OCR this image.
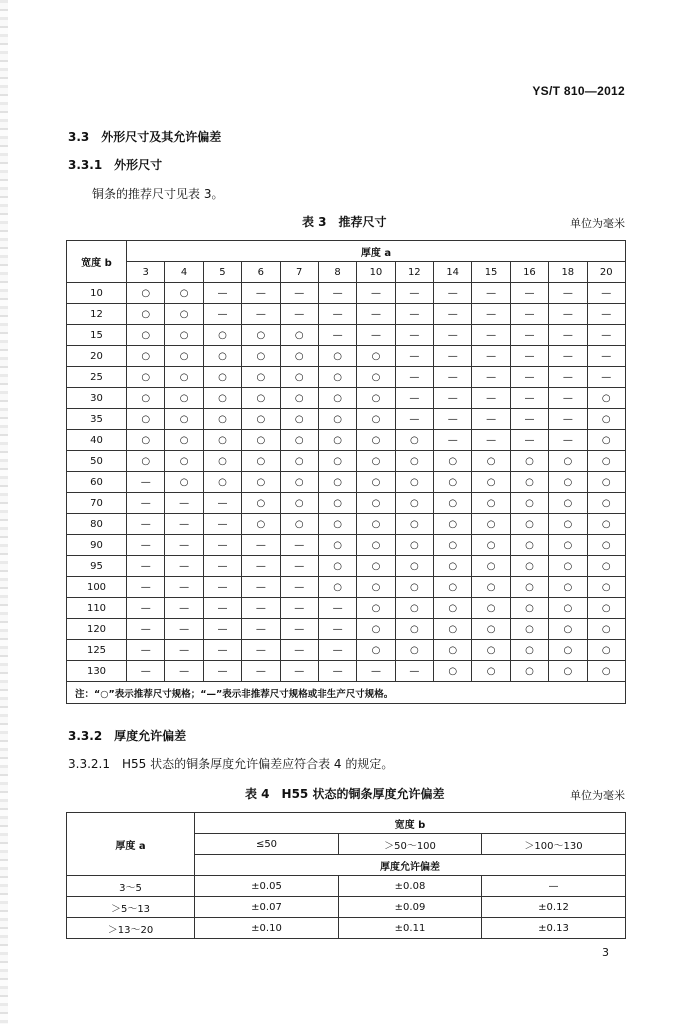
YS/T 810—2012
3.3　外形尺寸及其允许偏差
3.3.1　外形尺寸
铜条的推荐尺寸见表 3。
表 3　推荐尺寸	单位为毫米
宽度 b	厚度 a												
	3	4	5	6	7	8	10	12	14	15	16	18	20
10	○	○	—	—	—	—	—	—	—	—	—	—	—
12	○	○	—	—	—	—	—	—	—	—	—	—	—
15	○	○	○	○	○	—	—	—	—	—	—	—	—
20	○	○	○	○	○	○	○	—	—	—	—	—	—
25	○	○	○	○	○	○	○	—	—	—	—	—	—
30	○	○	○	○	○	○	○	—	—	—	—	—	○
35	○	○	○	○	○	○	○	—	—	—	—	—	○
40	○	○	○	○	○	○	○	○	—	—	—	—	○
50	○	○	○	○	○	○	○	○	○	○	○	○	○
60	—	○	○	○	○	○	○	○	○	○	○	○	○
70	—	—	—	○	○	○	○	○	○	○	○	○	○
80	—	—	—	○	○	○	○	○	○	○	○	○	○
90	—	—	—	—	—	○	○	○	○	○	○	○	○
95	—	—	—	—	—	○	○	○	○	○	○	○	○
100	—	—	—	—	—	○	○	○	○	○	○	○	○
110	—	—	—	—	—	—	○	○	○	○	○	○	○
120	—	—	—	—	—	—	○	○	○	○	○	○	○
125	—	—	—	—	—	—	○	○	○	○	○	○	○
130	—	—	—	—	—	—	—	—	○	○	○	○	○
注：“○”表示推荐尺寸规格；“—”表示非推荐尺寸规格或非生产尺寸规格。													
3.3.2　厚度允许偏差
3.3.2.1　H55 状态的铜条厚度允许偏差应符合表 4 的规定。
表 4　H55 状态的铜条厚度允许偏差	单位为毫米
厚度 a	宽度 b		
	≤50	＞50～100	＞100～130
	厚度允许偏差		
3～5	±0.05	±0.08	—
＞5～13	±0.07	±0.09	±0.12
＞13～20	±0.10	±0.11	±0.13
3
